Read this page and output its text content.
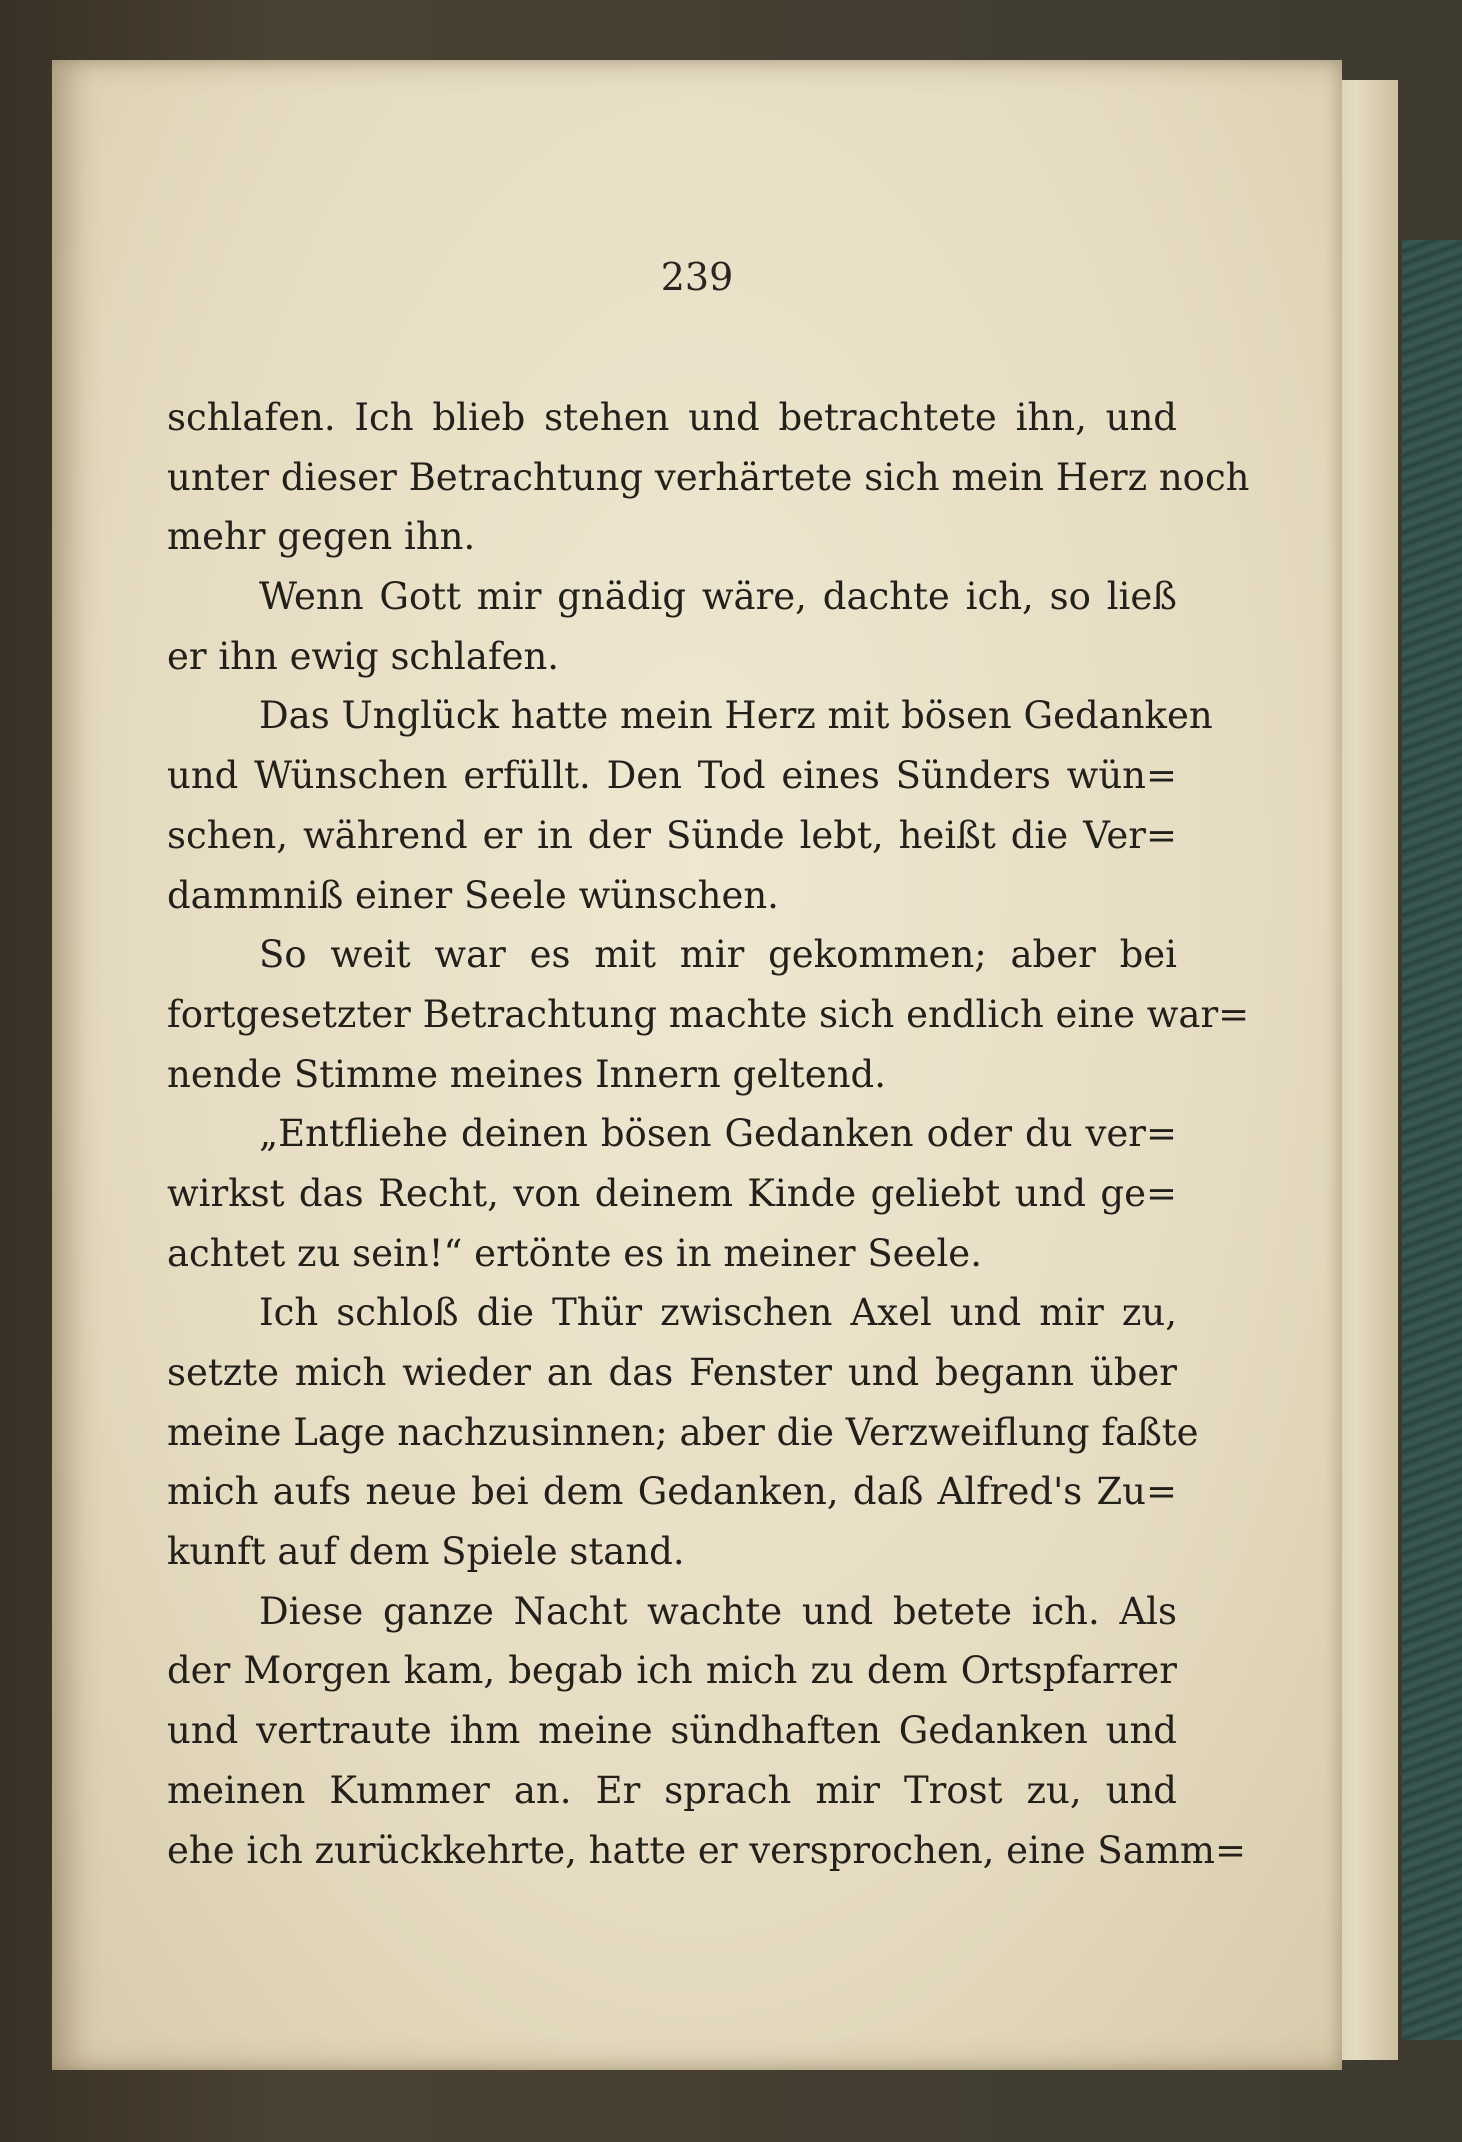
239
schlafen. Ich blieb stehen und betrachtete ihn, und
unter dieser Betrachtung verhärtete sich mein Herz noch
mehr gegen ihn.
Wenn Gott mir gnädig wäre, dachte ich, so ließ
er ihn ewig schlafen.
Das Unglück hatte mein Herz mit bösen Gedanken
und Wünschen erfüllt. Den Tod eines Sünders wün=
schen, während er in der Sünde lebt, heißt die Ver=
dammniß einer Seele wünschen.
So weit war es mit mir gekommen; aber bei
fortgesetzter Betrachtung machte sich endlich eine war=
nende Stimme meines Innern geltend.
„Entfliehe deinen bösen Gedanken oder du ver=
wirkst das Recht, von deinem Kinde geliebt und ge=
achtet zu sein!“ ertönte es in meiner Seele.
Ich schloß die Thür zwischen Axel und mir zu,
setzte mich wieder an das Fenster und begann über
meine Lage nachzusinnen; aber die Verzweiflung faßte
mich aufs neue bei dem Gedanken, daß Alfred's Zu=
kunft auf dem Spiele stand.
Diese ganze Nacht wachte und betete ich. Als
der Morgen kam, begab ich mich zu dem Ortspfarrer
und vertraute ihm meine sündhaften Gedanken und
meinen Kummer an. Er sprach mir Trost zu, und
ehe ich zurückkehrte, hatte er versprochen, eine Samm=
